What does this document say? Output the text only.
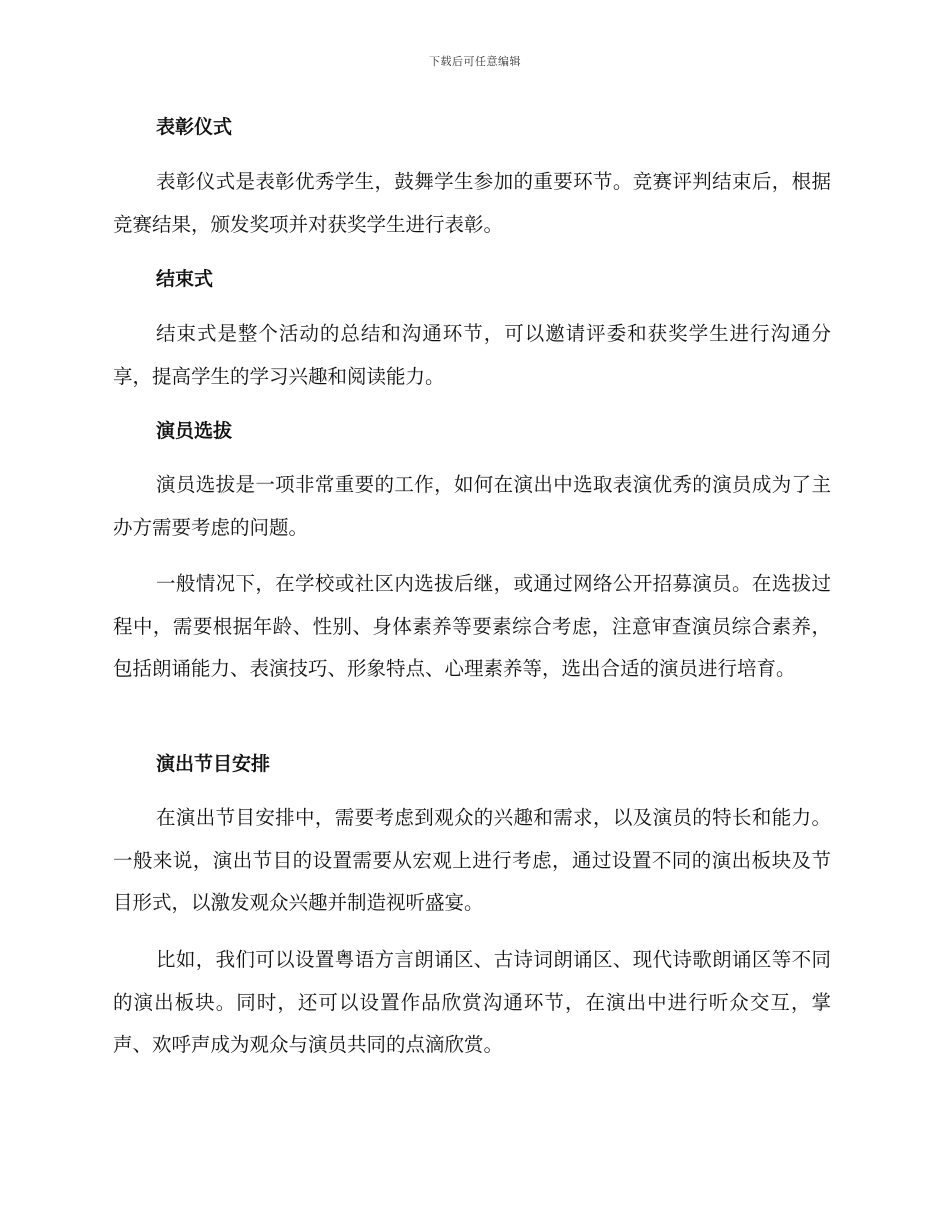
下载后可任意编辑
表彰仪式
表彰仪式是表彰优秀学生，鼓舞学生参加的重要环节。竞赛评判结束后，根据竞赛结果，颁发奖项并对获奖学生进行表彰。
结束式
结束式是整个活动的总结和沟通环节，可以邀请评委和获奖学生进行沟通分享，提高学生的学习兴趣和阅读能力。
演员选拔
演员选拔是一项非常重要的工作，如何在演出中选取表演优秀的演员成为了主办方需要考虑的问题。
一般情况下，在学校或社区内选拔后继，或通过网络公开招募演员。在选拔过程中，需要根据年龄、性别、身体素养等要素综合考虑，注意审查演员综合素养，包括朗诵能力、表演技巧、形象特点、心理素养等，选出合适的演员进行培育。
演出节目安排
在演出节目安排中，需要考虑到观众的兴趣和需求，以及演员的特长和能力。一般来说，演出节目的设置需要从宏观上进行考虑，通过设置不同的演出板块及节目形式，以激发观众兴趣并制造视听盛宴。
比如，我们可以设置粤语方言朗诵区、古诗词朗诵区、现代诗歌朗诵区等不同的演出板块。同时，还可以设置作品欣赏沟通环节，在演出中进行听众交互，掌声、欢呼声成为观众与演员共同的点滴欣赏。
